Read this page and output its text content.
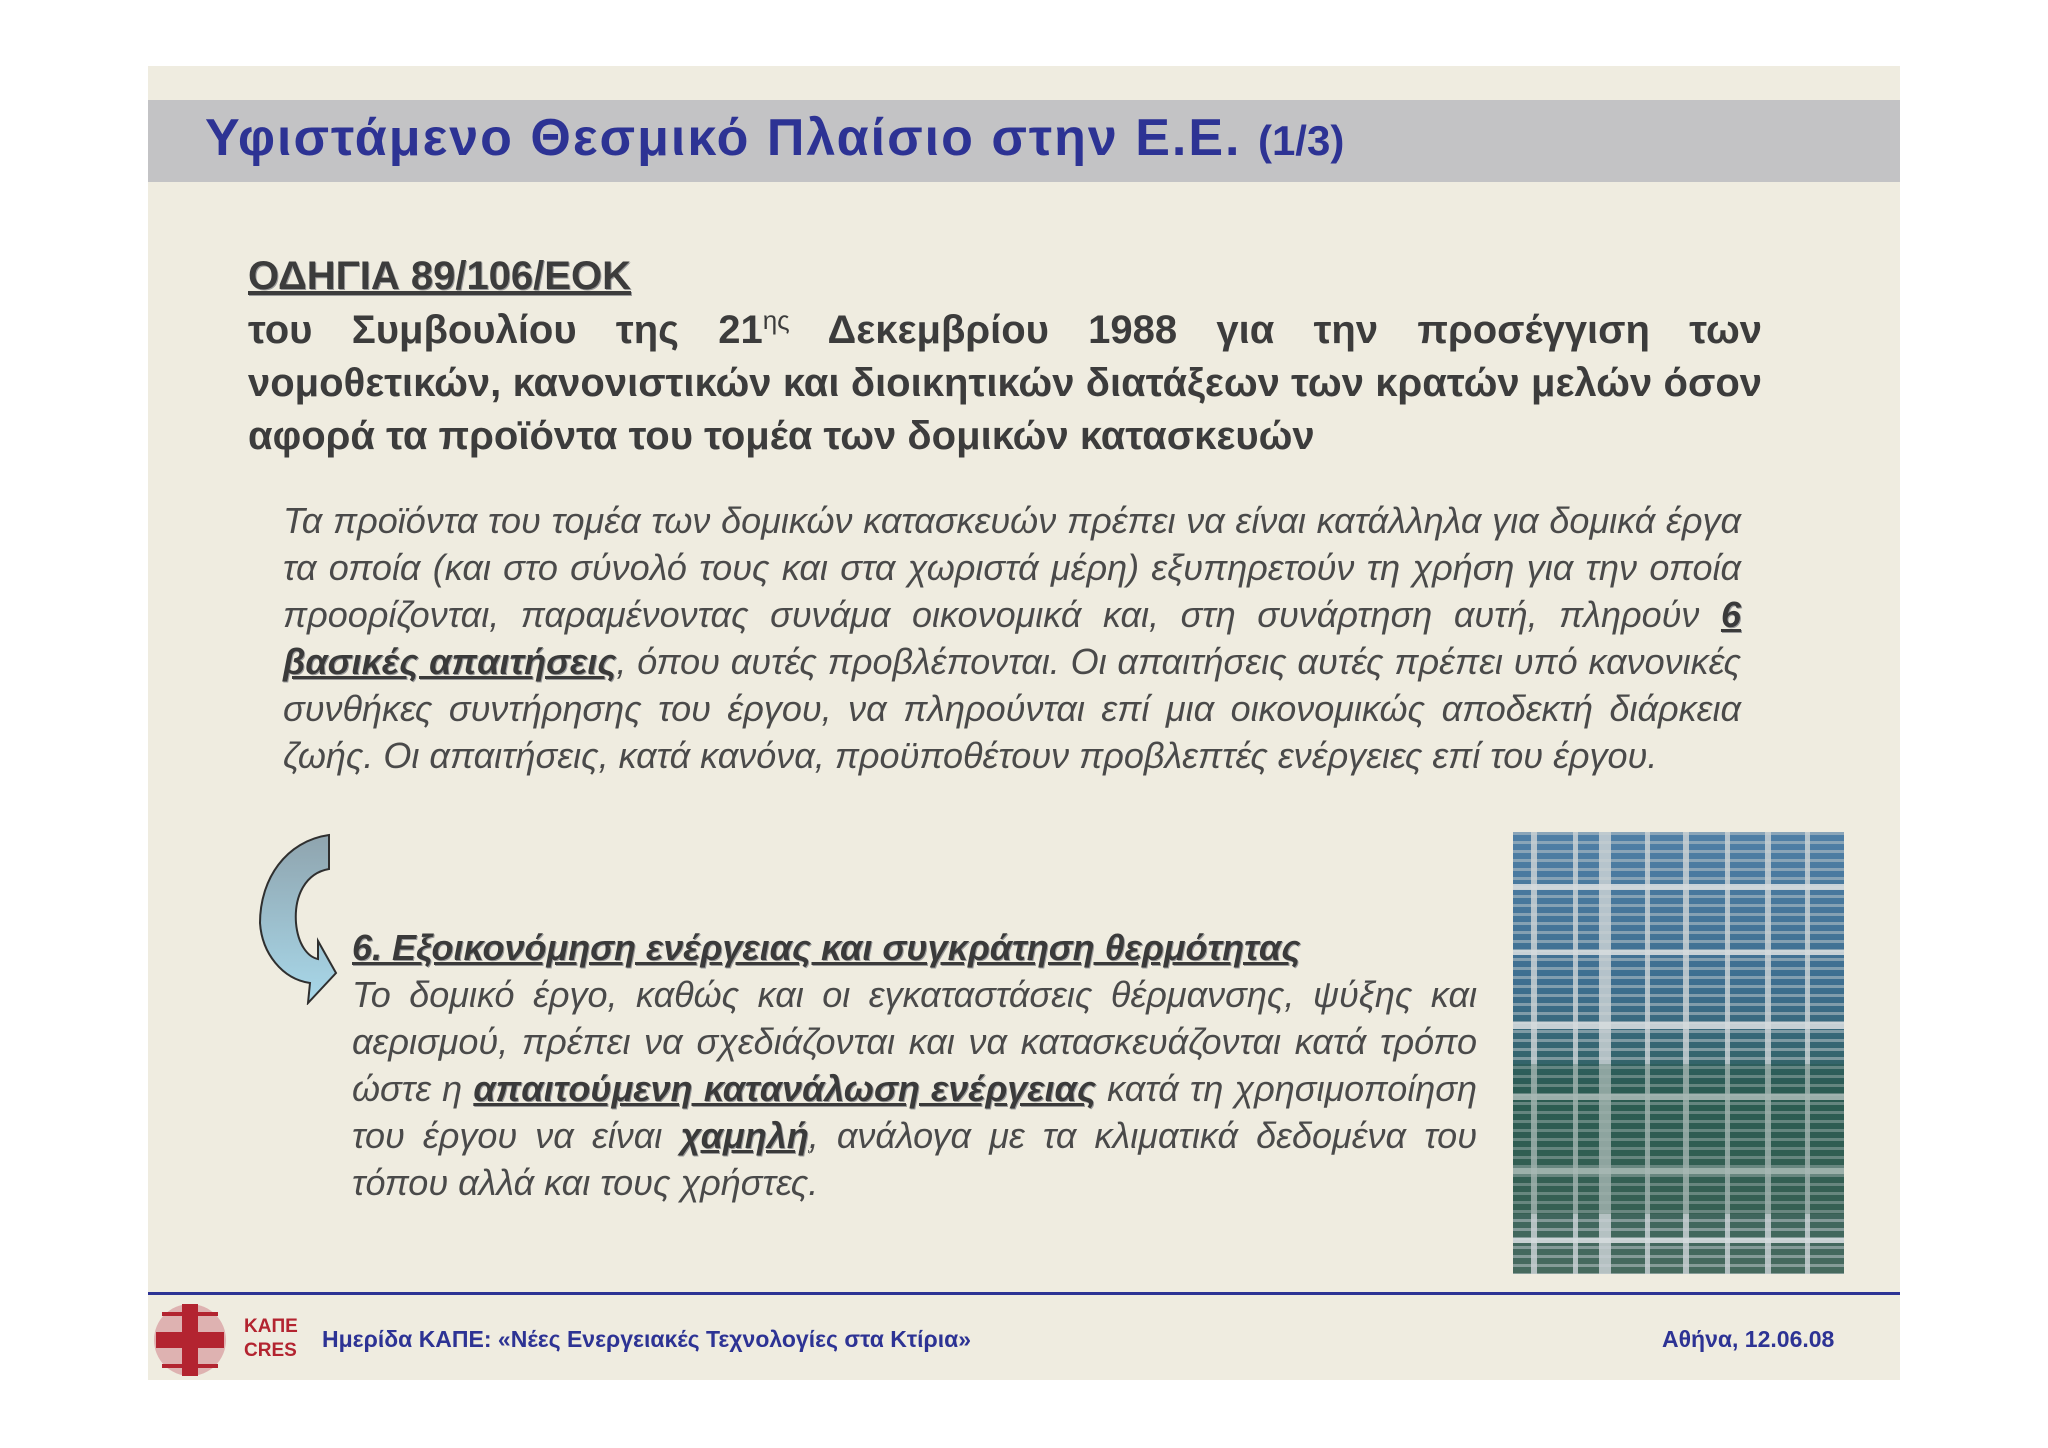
Υφιστάμενο Θεσμικό Πλαίσιο στην Ε.Ε. (1/3)
ΟΔΗΓΙΑ 89/106/ΕΟΚ
του Συμβουλίου της $21^{\eta\varsigma}$ Δεκεμβρίου 1988 για την προσέγγιση των νομοθετικών, κανονιστικών και διοικητικών διατάξεων των κρατών μελών όσον αφορά τα προϊόντα του τομέα των δομικών κατασκευών
Τα προϊόντα του τομέα των δομικών κατασκευών πρέπει να είναι κατάλληλα για δομικά έργα τα οποία (και στο σύνολό τους και στα χωριστά μέρη) εξυπηρετούν τη χρήση για την οποία προορίζονται, παραμένοντας συνάμα οικονομικά και, στη συνάρτηση αυτή, πληρούν 6 βασικές απαιτήσεις, όπου αυτές προβλέπονται. Οι απαιτήσεις αυτές πρέπει υπό κανονικές συνθήκες συντήρησης του έργου, να πληρούνται επί μια οικονομικώς αποδεκτή διάρκεια ζωής. Οι απαιτήσεις, κατά κανόνα, προϋποθέτουν προβλεπτές ενέργειες επί του έργου.
6. Εξοικονόμηση ενέργειας και συγκράτηση θερμότητας
Το δομικό έργο, καθώς και οι εγκαταστάσεις θέρμανσης, ψύξης και αερισμού, πρέπει να σχεδιάζονται και να κατασκευάζονται κατά τρόπο ώστε η απαιτούμενη κατανάλωση ενέργειας κατά τη χρησιμοποίηση του έργου να είναι χαμηλή, ανάλογα με τα κλιματικά δεδομένα του τόπου αλλά και τους χρήστες.
ΚΑΠΕ
CRES Ημερίδα ΚΑΠΕ: «Νέες Ενεργειακές Τεχνολογίες στα Κτίρια»	Αθήνα, 12.06.08
